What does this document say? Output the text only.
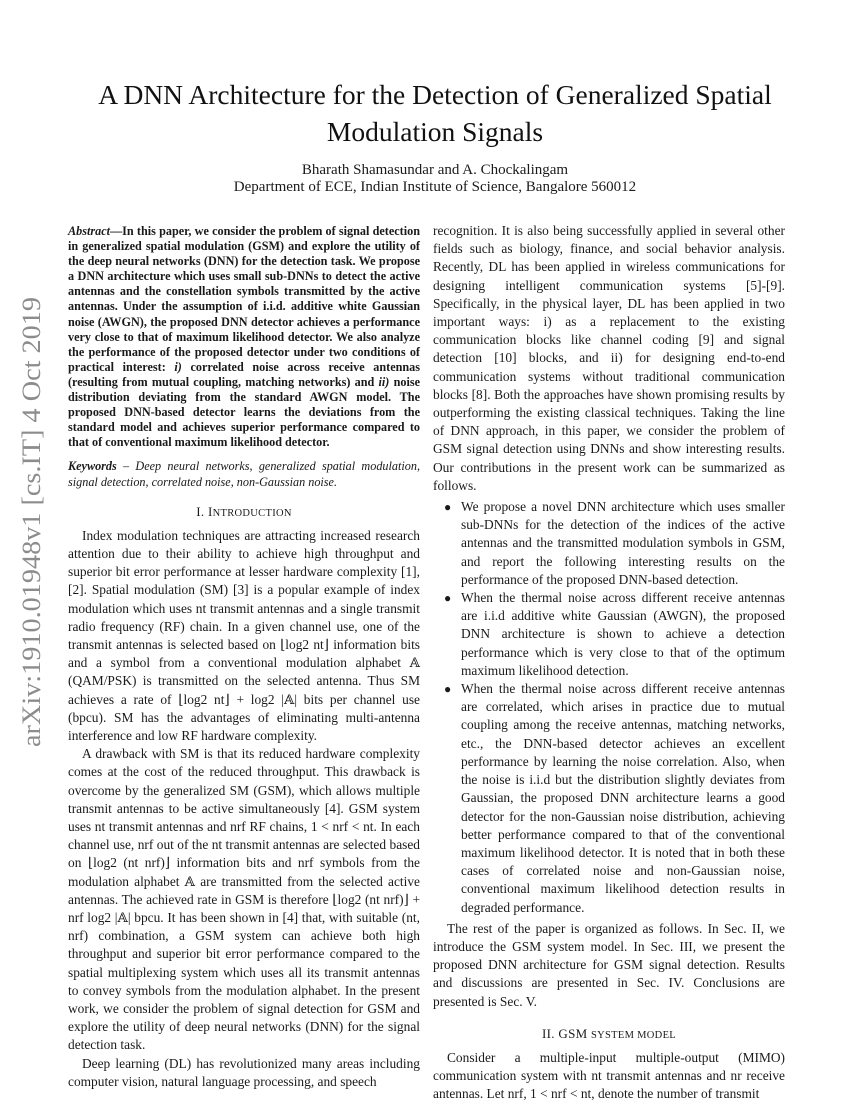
arXiv:1910.01948v1 [cs.IT] 4 Oct 2019
A DNN Architecture for the Detection of Generalized Spatial Modulation Signals
Bharath Shamasundar and A. Chockalingam
Department of ECE, Indian Institute of Science, Bangalore 560012

Abstract—In this paper, we consider the problem of signal detection in generalized spatial modulation (GSM) and explore the utility of the deep neural networks (DNN) for the detection task. We propose a DNN architecture which uses small sub-DNNs to detect the active antennas and the constellation symbols transmitted by the active antennas. Under the assumption of i.i.d. additive white Gaussian noise (AWGN), the proposed DNN detector achieves a performance very close to that of maximum likelihood detector. We also analyze the performance of the proposed detector under two conditions of practical interest: i) correlated noise across receive antennas (resulting from mutual coupling, matching networks) and ii) noise distribution deviating from the standard AWGN model. The proposed DNN-based detector learns the deviations from the standard model and achieves superior performance compared to that of conventional maximum likelihood detector.

Keywords – Deep neural networks, generalized spatial modulation, signal detection, correlated noise, non-Gaussian noise.

I. INTRODUCTION

Index modulation techniques are attracting increased research attention due to their ability to achieve high throughput and superior bit error performance at lesser hardware complexity [1],[2]. Spatial modulation (SM) [3] is a popular example of index modulation which uses nt transmit antennas and a single transmit radio frequency (RF) chain. In a given channel use, one of the transmit antennas is selected based on ⌊log2 nt⌋ information bits and a symbol from a conventional modulation alphabet 𝔸 (QAM/PSK) is transmitted on the selected antenna. Thus SM achieves a rate of ⌊log2 nt⌋ + log2 |𝔸| bits per channel use (bpcu). SM has the advantages of eliminating multi-antenna interference and low RF hardware complexity.

A drawback with SM is that its reduced hardware complexity comes at the cost of the reduced throughput. This drawback is overcome by the generalized SM (GSM), which allows multiple transmit antennas to be active simultaneously [4]. GSM system uses nt transmit antennas and nrf RF chains, 1 < nrf < nt. In each channel use, nrf out of the nt transmit antennas are selected based on ⌊log2 (nt nrf)⌋ information bits and nrf symbols from the modulation alphabet 𝔸 are transmitted from the selected active antennas. The achieved rate in GSM is therefore ⌊log2 (nt nrf)⌋ + nrf log2 |𝔸| bpcu. It has been shown in [4] that, with suitable (nt, nrf) combination, a GSM system can achieve both high throughput and superior bit error performance compared to the spatial multiplexing system which uses all its transmit antennas to convey symbols from the modulation alphabet. In the present work, we consider the problem of signal detection for GSM and explore the utility of deep neural networks (DNN) for the signal detection task.

Deep learning (DL) has revolutionized many areas including computer vision, natural language processing, and speech

recognition. It is also being successfully applied in several other fields such as biology, finance, and social behavior analysis. Recently, DL has been applied in wireless communications for designing intelligent communication systems [5]-[9]. Specifically, in the physical layer, DL has been applied in two important ways: i) as a replacement to the existing communication blocks like channel coding [9] and signal detection [10] blocks, and ii) for designing end-to-end communication systems without traditional communication blocks [8]. Both the approaches have shown promising results by outperforming the existing classical techniques. Taking the line of DNN approach, in this paper, we consider the problem of GSM signal detection using DNNs and show interesting results. Our contributions in the present work can be summarized as follows.

● We propose a novel DNN architecture which uses smaller sub-DNNs for the detection of the indices of the active antennas and the transmitted modulation symbols in GSM, and report the following interesting results on the performance of the proposed DNN-based detection.
● When the thermal noise across different receive antennas are i.i.d additive white Gaussian (AWGN), the proposed DNN architecture is shown to achieve a detection performance which is very close to that of the optimum maximum likelihood detection.
● When the thermal noise across different receive antennas are correlated, which arises in practice due to mutual coupling among the receive antennas, matching networks, etc., the DNN-based detector achieves an excellent performance by learning the noise correlation. Also, when the noise is i.i.d but the distribution slightly deviates from Gaussian, the proposed DNN architecture learns a good detector for the non-Gaussian noise distribution, achieving better performance compared to that of the conventional maximum likelihood detector. It is noted that in both these cases of correlated noise and non-Gaussian noise, conventional maximum likelihood detection results in degraded performance.

The rest of the paper is organized as follows. In Sec. II, we introduce the GSM system model. In Sec. III, we present the proposed DNN architecture for GSM signal detection. Results and discussions are presented in Sec. IV. Conclusions are presented is Sec. V.

II. GSM SYSTEM MODEL

Consider a multiple-input multiple-output (MIMO) communication system with nt transmit antennas and nr receive antennas. Let nrf, 1 < nrf < nt, denote the number of transmit
